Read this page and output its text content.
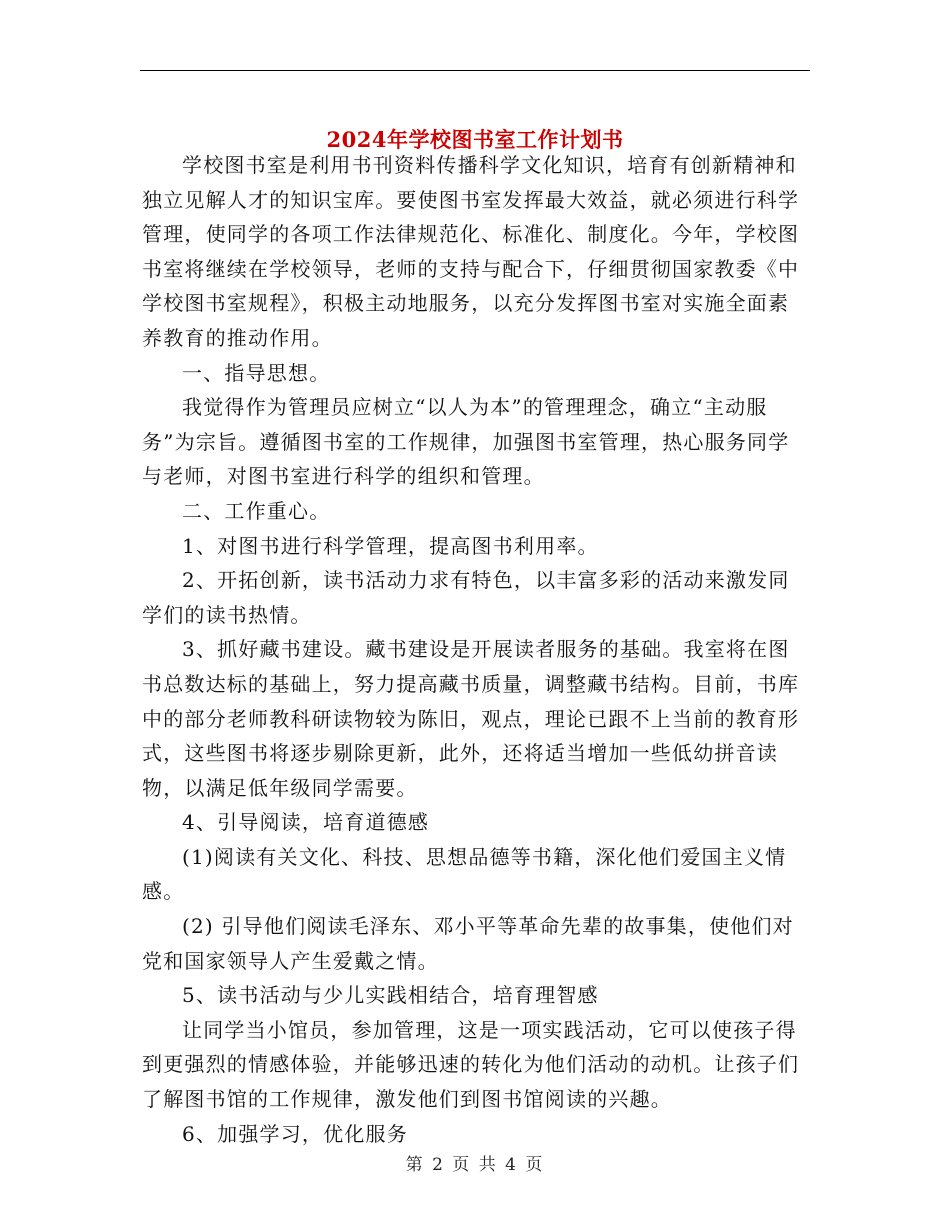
2024年学校图书室工作计划书

学校图书室是利用书刊资料传播科学文化知识，培育有创新精神和独立见解人才的知识宝库。要使图书室发挥最大效益，就必须进行科学管理，使同学的各项工作法律规范化、标准化、制度化。今年，学校图书室将继续在学校领导，老师的支持与配合下，仔细贯彻国家教委《中学校图书室规程》，积极主动地服务，以充分发挥图书室对实施全面素养教育的推动作用。

一、指导思想。

我觉得作为管理员应树立“以人为本”的管理理念，确立“主动服务”为宗旨。遵循图书室的工作规律，加强图书室管理，热心服务同学与老师，对图书室进行科学的组织和管理。

二、工作重心。

1、对图书进行科学管理，提高图书利用率。

2、开拓创新，读书活动力求有特色，以丰富多彩的活动来激发同学们的读书热情。

3、抓好藏书建设。藏书建设是开展读者服务的基础。我室将在图书总数达标的基础上，努力提高藏书质量，调整藏书结构。目前，书库中的部分老师教科研读物较为陈旧，观点，理论已跟不上当前的教育形式，这些图书将逐步剔除更新，此外，还将适当增加一些低幼拼音读物，以满足低年级同学需要。

4、引导阅读，培育道德感

(1)阅读有关文化、科技、思想品德等书籍，深化他们爱国主义情感。

(2) 引导他们阅读毛泽东、邓小平等革命先辈的故事集，使他们对党和国家领导人产生爱戴之情。

5、读书活动与少儿实践相结合，培育理智感

让同学当小馆员，参加管理，这是一项实践活动，它可以使孩子得到更强烈的情感体验，并能够迅速的转化为他们活动的动机。让孩子们了解图书馆的工作规律，激发他们到图书馆阅读的兴趣。

6、加强学习，优化服务

第 2 页 共 4 页
